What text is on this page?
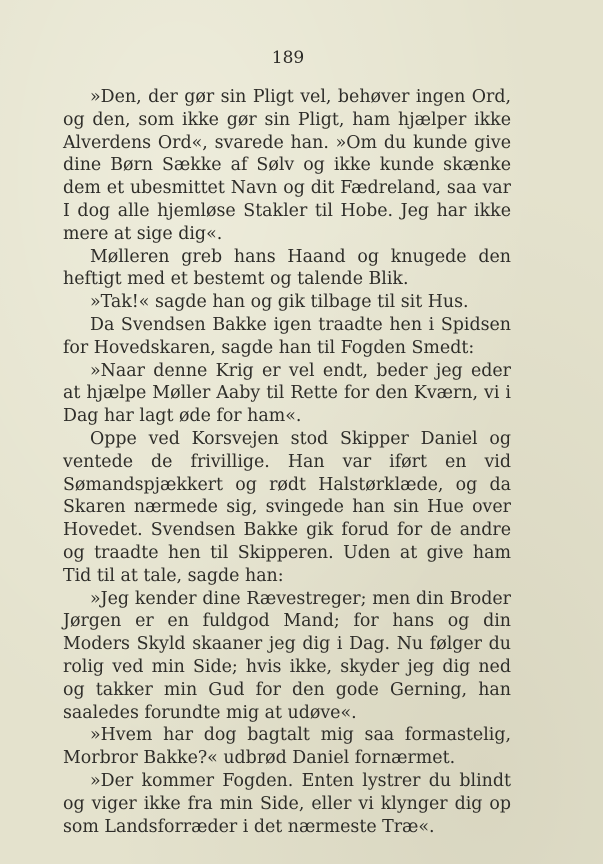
189

»Den, der gør sin Pligt vel, behøver ingen Ord, og den, som ikke gør sin Pligt, ham hjælper ikke Alverdens Ord«, svarede han. »Om du kunde give dine Børn Sække af Sølv og ikke kunde skænke dem et ubesmittet Navn og dit Fædreland, saa var I dog alle hjemløse Stakler til Hobe. Jeg har ikke mere at sige dig«.

Mølleren greb hans Haand og knugede den heftigt med et bestemt og talende Blik.

»Tak!« sagde han og gik tilbage til sit Hus.

Da Svendsen Bakke igen traadte hen i Spidsen for Hovedskaren, sagde han til Fogden Smedt:

»Naar denne Krig er vel endt, beder jeg eder at hjælpe Møller Aaby til Rette for den Kværn, vi i Dag har lagt øde for ham«.

Oppe ved Korsvejen stod Skipper Daniel og ventede de frivillige. Han var iført en vid Sømandspjækkert og rødt Halstørklæde, og da Skaren nærmede sig, svingede han sin Hue over Hovedet. Svendsen Bakke gik forud for de andre og traadte hen til Skipperen. Uden at give ham Tid til at tale, sagde han:

»Jeg kender dine Rævestreger; men din Broder Jørgen er en fuldgod Mand; for hans og din Moders Skyld skaaner jeg dig i Dag. Nu følger du rolig ved min Side; hvis ikke, skyder jeg dig ned og takker min Gud for den gode Gerning, han saaledes forundte mig at udøve«.

»Hvem har dog bagtalt mig saa formastelig, Morbror Bakke?« udbrød Daniel fornærmet.

»Der kommer Fogden. Enten lystrer du blindt og viger ikke fra min Side, eller vi klynger dig op som Landsforræder i det nærmeste Træ«.
